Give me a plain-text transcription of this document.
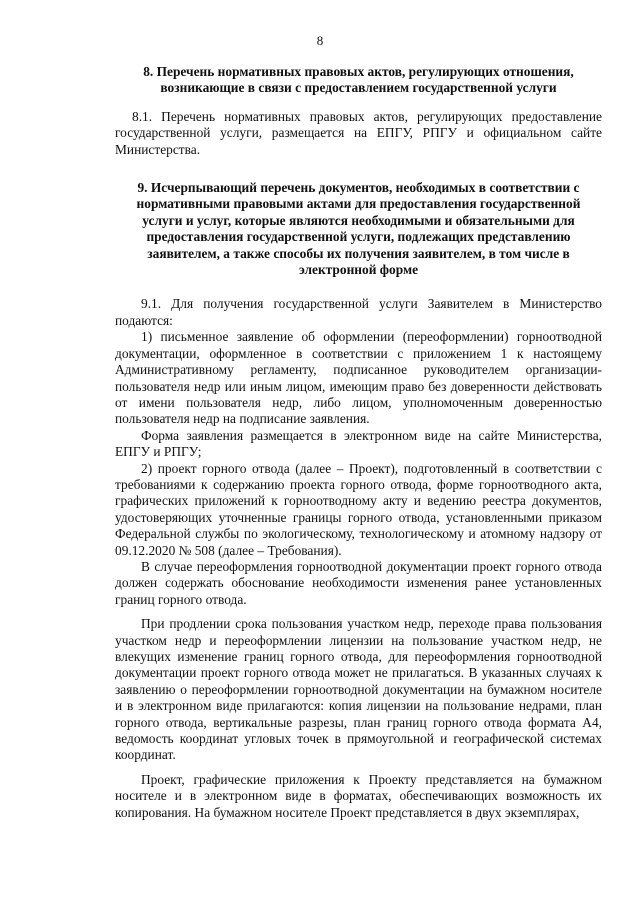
8
8. Перечень нормативных правовых актов, регулирующих отношения, возникающие в связи с предоставлением государственной услуги

8.1. Перечень нормативных правовых актов, регулирующих предоставление государственной услуги, размещается на ЕПГУ, РПГУ и официальном сайте Министерства.

9. Исчерпывающий перечень документов, необходимых в соответствии с нормативными правовыми актами для предоставления государственной услуги и услуг, которые являются необходимыми и обязательными для предоставления государственной услуги, подлежащих представлению заявителем, а также способы их получения заявителем, в том числе в электронной форме

9.1. Для получения государственной услуги Заявителем в Министерство подаются:

1) письменное заявление об оформлении (переоформлении) горноотводной документации, оформленное в соответствии с приложением 1 к настоящему Административному регламенту, подписанное руководителем организации-пользователя недр или иным лицом, имеющим право без доверенности действовать от имени пользователя недр, либо лицом, уполномоченным доверенностью пользователя недр на подписание заявления.

Форма заявления размещается в электронном виде на сайте Министерства, ЕПГУ и РПГУ;

2) проект горного отвода (далее – Проект), подготовленный в соответствии с требованиями к содержанию проекта горного отвода, форме горноотводного акта, графических приложений к горноотводному акту и ведению реестра документов, удостоверяющих уточненные границы горного отвода, установленными приказом Федеральной службы по экологическому, технологическому и атомному надзору от 09.12.2020 № 508 (далее – Требования).

В случае переоформления горноотводной документации проект горного отвода должен содержать обоснование необходимости изменения ранее установленных границ горного отвода.

При продлении срока пользования участком недр, переходе права пользования участком недр и переоформлении лицензии на пользование участком недр, не влекущих изменение границ горного отвода, для переоформления горноотводной документации проект горного отвода может не прилагаться. В указанных случаях к заявлению о переоформлении горноотводной документации на бумажном носителе и в электронном виде прилагаются: копия лицензии на пользование недрами, план горного отвода, вертикальные разрезы, план границ горного отвода формата А4, ведомость координат угловых точек в прямоугольной и географической системах координат.

Проект, графические приложения к Проекту представляется на бумажном носителе и в электронном виде в форматах, обеспечивающих возможность их копирования. На бумажном носителе Проект представляется в двух экземплярах,
